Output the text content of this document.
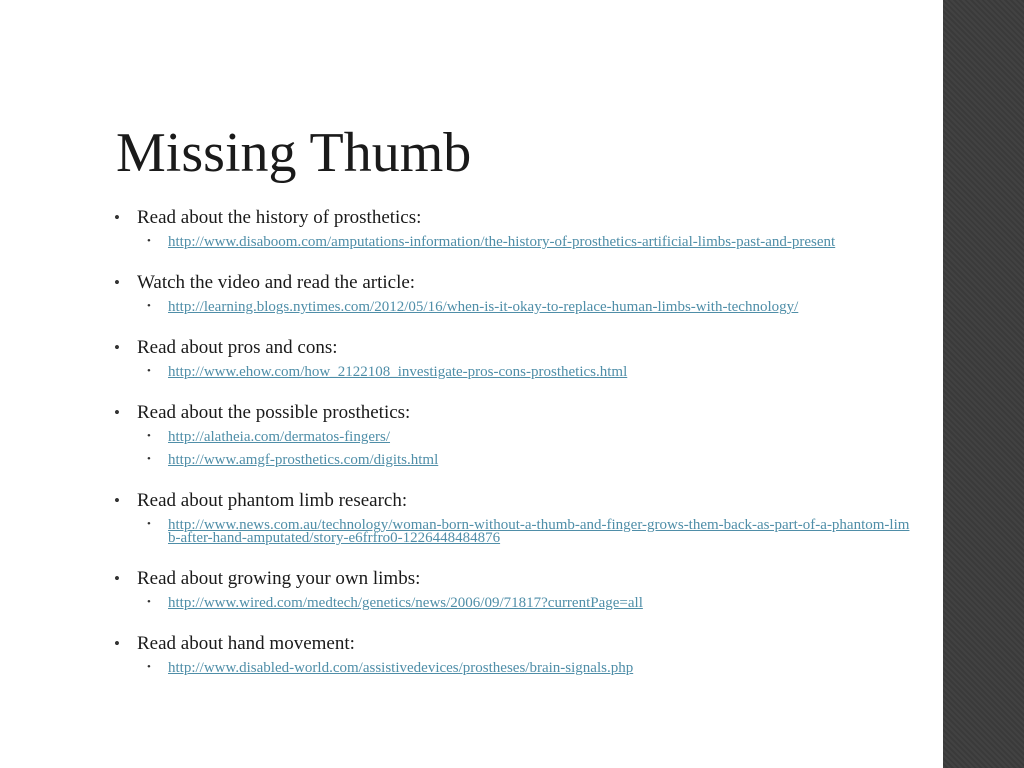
Missing Thumb
• Read about the history of prosthetics:
• http://www.disaboom.com/amputations-information/the-history-of-prosthetics-artificial-limbs-past-and-present
• Watch the video and read the article:
• http://learning.blogs.nytimes.com/2012/05/16/when-is-it-okay-to-replace-human-limbs-with-technology/
• Read about pros and cons:
• http://www.ehow.com/how_2122108_investigate-pros-cons-prosthetics.html
• Read about the possible prosthetics:
• http://alatheia.com/dermatos-fingers/
• http://www.amgf-prosthetics.com/digits.html
• Read about phantom limb research:
• http://www.news.com.au/technology/woman-born-without-a-thumb-and-finger-grows-them-back-as-part-of-a-phantom-limb-after-hand-amputated/story-e6frfro0-1226448484876
• Read about growing your own limbs:
• http://www.wired.com/medtech/genetics/news/2006/09/71817?currentPage=all
• Read about hand movement:
• http://www.disabled-world.com/assistivedevices/prostheses/brain-signals.php
